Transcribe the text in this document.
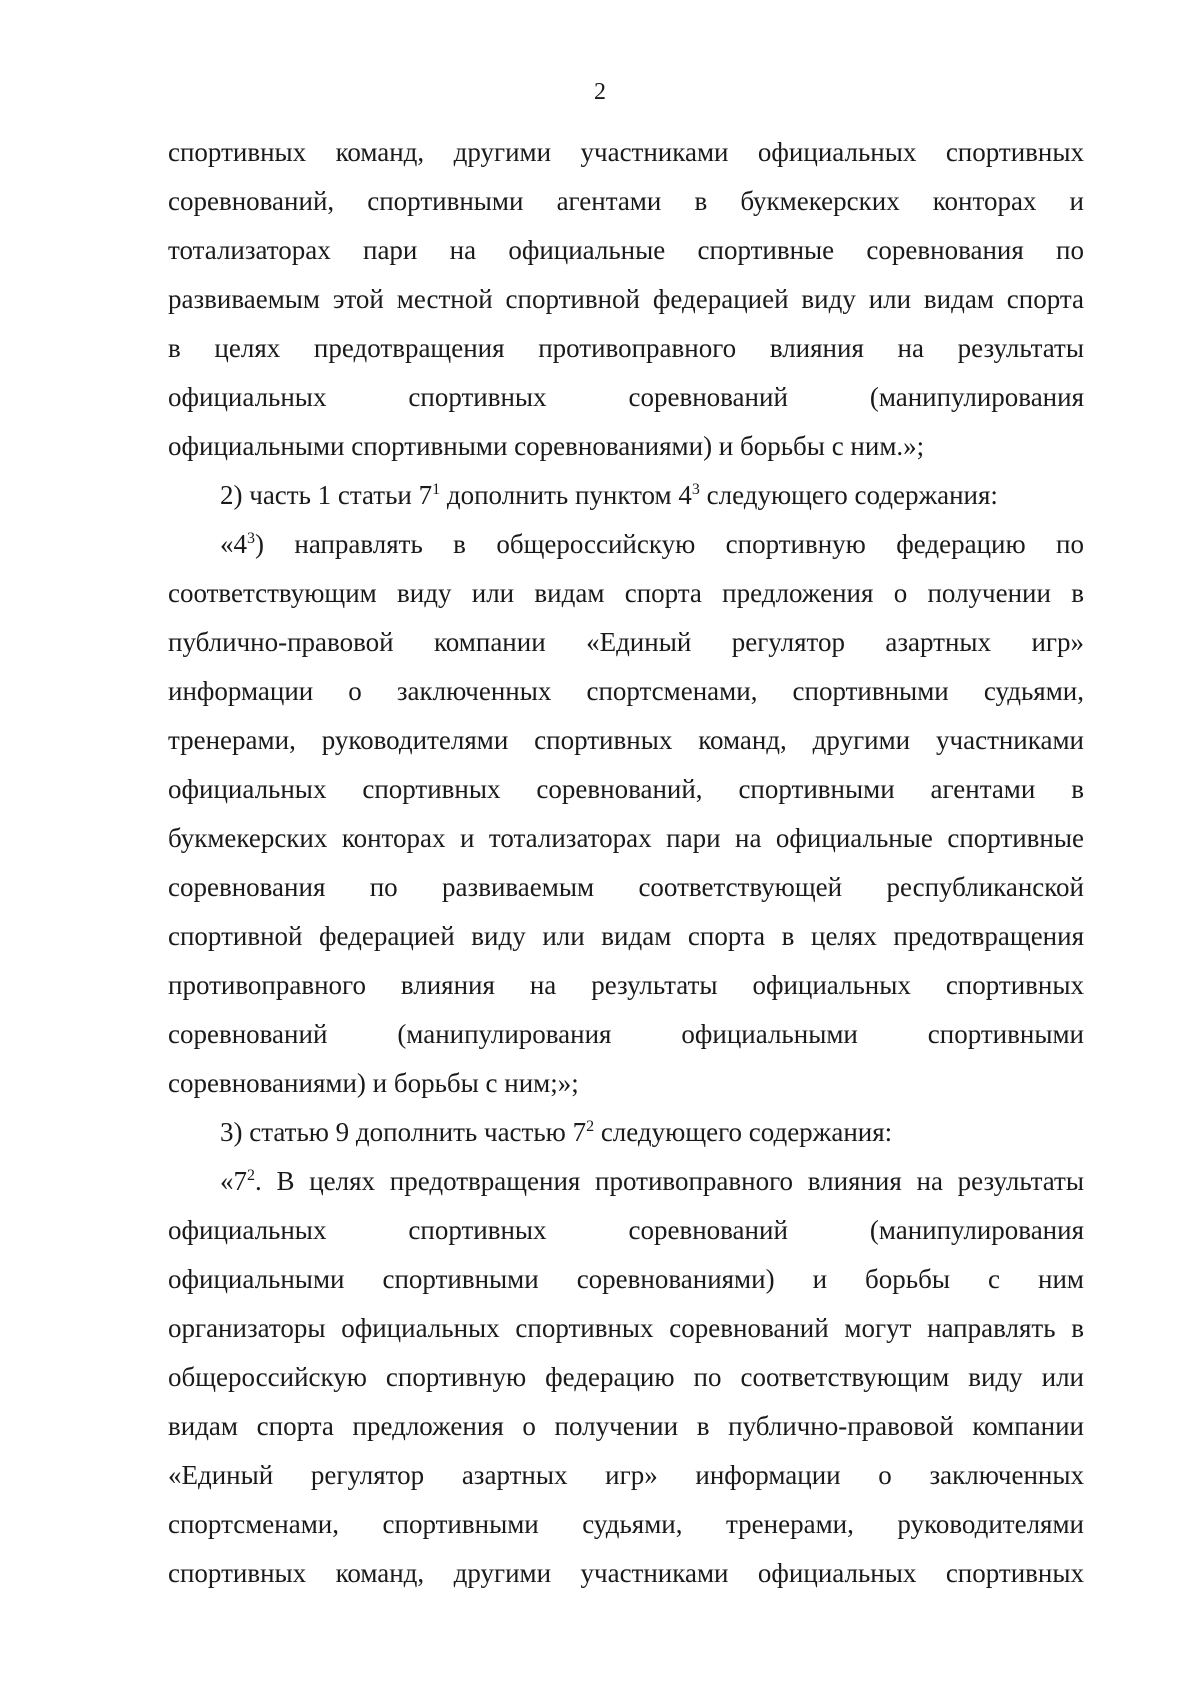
2
спортивных команд, другими участниками официальных спортивных
соревнований, спортивными агентами в букмекерских конторах и
тотализаторах пари на официальные спортивные соревнования по
развиваемым этой местной спортивной федерацией виду или видам спорта
в целях предотвращения противоправного влияния на результаты
официальных спортивных соревнований (манипулирования
официальными спортивными соревнованиями) и борьбы с ним.»;
2) часть 1 статьи $7^1$ дополнить пунктом $4^3$ следующего содержания:
«$4^3$) направлять в общероссийскую спортивную федерацию по
соответствующим виду или видам спорта предложения о получении в
публично-правовой компании «Единый регулятор азартных игр»
информации о заключенных спортсменами, спортивными судьями,
тренерами, руководителями спортивных команд, другими участниками
официальных спортивных соревнований, спортивными агентами в
букмекерских конторах и тотализаторах пари на официальные спортивные
соревнования по развиваемым соответствующей республиканской
спортивной федерацией виду или видам спорта в целях предотвращения
противоправного влияния на результаты официальных спортивных
соревнований (манипулирования официальными спортивными
соревнованиями) и борьбы с ним;»;
3) статью 9 дополнить частью $7^2$ следующего содержания:
«$7^2$. В целях предотвращения противоправного влияния на результаты
официальных спортивных соревнований (манипулирования
официальными спортивными соревнованиями) и борьбы с ним
организаторы официальных спортивных соревнований могут направлять в
общероссийскую спортивную федерацию по соответствующим виду или
видам спорта предложения о получении в публично-правовой компании
«Единый регулятор азартных игр» информации о заключенных
спортсменами, спортивными судьями, тренерами, руководителями
спортивных команд, другими участниками официальных спортивных
